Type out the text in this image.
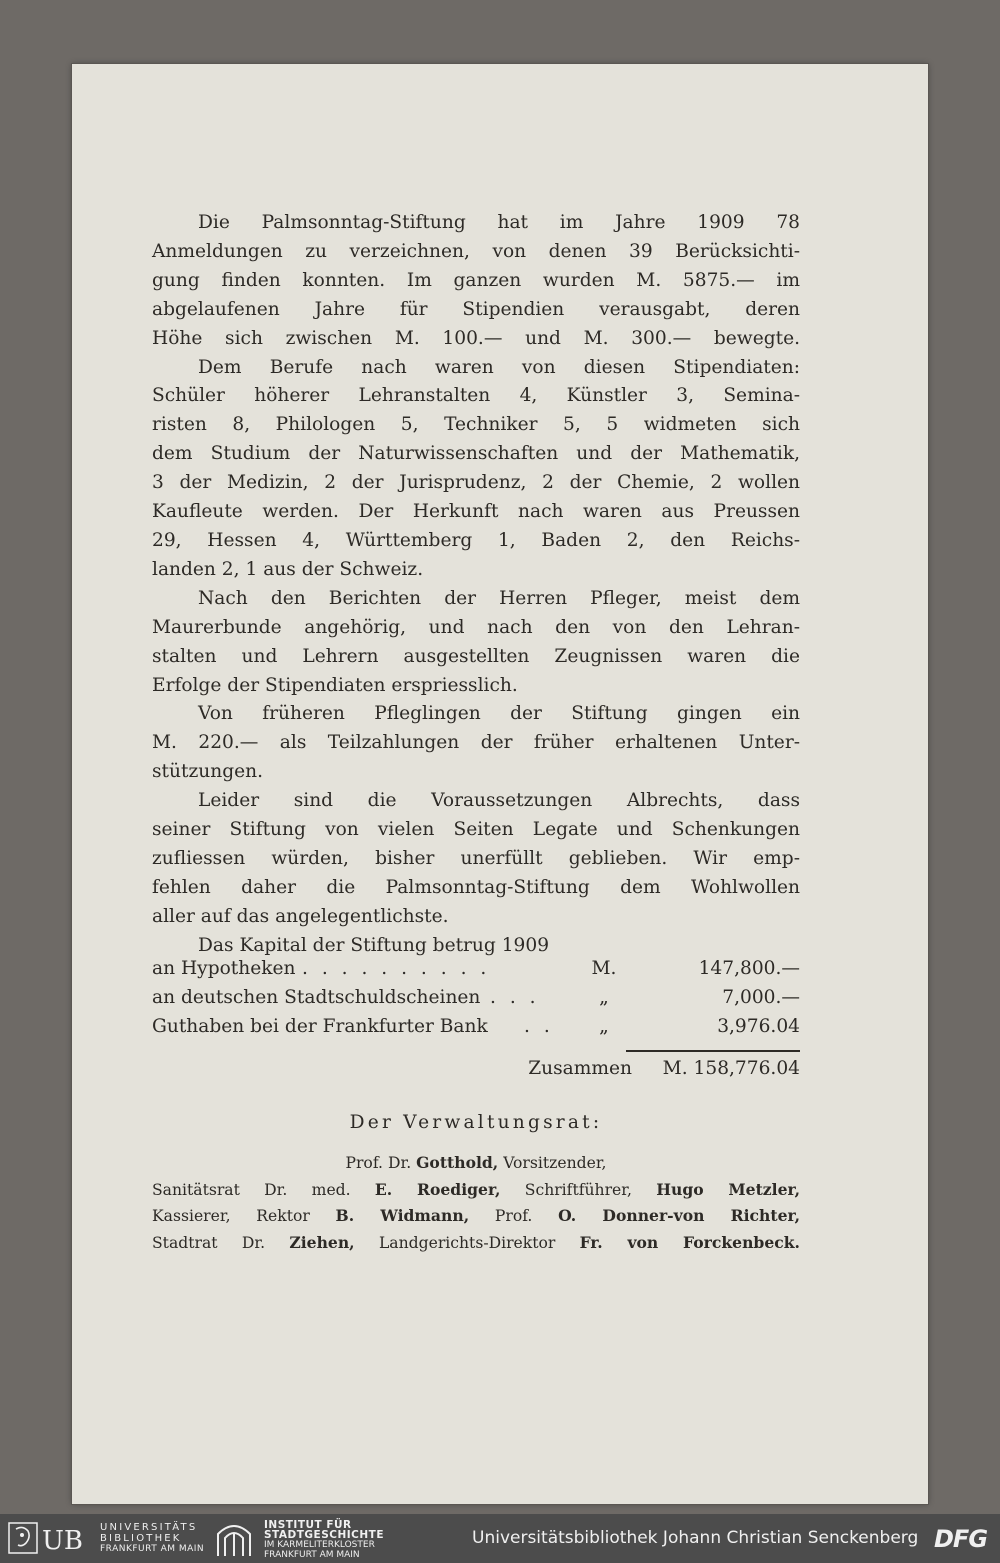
Die Palmsonntag-Stiftung hat im Jahre 1909 78
Anmeldungen zu verzeichnen, von denen 39 Berücksichti-
gung finden konnten. Im ganzen wurden M. 5875.— im
abgelaufenen Jahre für Stipendien verausgabt, deren
Höhe sich zwischen M. 100.— und M. 300.— bewegte.
Dem Berufe nach waren von diesen Stipendiaten:
Schüler höherer Lehranstalten 4, Künstler 3, Semina-
risten 8, Philologen 5, Techniker 5, 5 widmeten sich
dem Studium der Naturwissenschaften und der Mathematik,
3 der Medizin, 2 der Jurisprudenz, 2 der Chemie, 2 wollen
Kaufleute werden. Der Herkunft nach waren aus Preussen
29, Hessen 4, Württemberg 1, Baden 2, den Reichs-
landen 2, 1 aus der Schweiz.
Nach den Berichten der Herren Pfleger, meist dem
Maurerbunde angehörig, und nach den von den Lehran-
stalten und Lehrern ausgestellten Zeugnissen waren die
Erfolge der Stipendiaten erspriesslich.
Von früheren Pfleglingen der Stiftung gingen ein
M. 220.— als Teilzahlungen der früher erhaltenen Unter-
stützungen.
Leider sind die Voraussetzungen Albrechts, dass
seiner Stiftung von vielen Seiten Legate und Schenkungen
zufliessen würden, bisher unerfüllt geblieben. Wir emp-
fehlen daher die Palmsonntag-Stiftung dem Wohlwollen
aller auf das angelegentlichste.
Das Kapital der Stiftung betrug 1909
an Hypotheken . . . . . . . . . .	M.	147,800.—
an deutschen Stadtschuldscheinen . . .	„	7,000.—
Guthaben bei der Frankfurter Bank . .	„	3,976.04
Zusammen M. 158,776.04
Der Verwaltungsrat:
Prof. Dr. Gotthold, Vorsitzender,
Sanitätsrat Dr. med. E. Roediger, Schriftführer, Hugo Metzler,
Kassierer, Rektor B. Widmann, Prof. O. Donner-von Richter,
Stadtrat Dr. Ziehen, Landgerichts-Direktor Fr. von Forckenbeck.
UB UNIVERSITÄTS
BIBLIOTHEK
FRANKFURT AM MAIN
INSTITUT FÜR
STADTGESCHICHTE
IM KARMELITERKLOSTER
FRANKFURT AM MAIN
Universitätsbibliothek Johann Christian Senckenberg DFG
